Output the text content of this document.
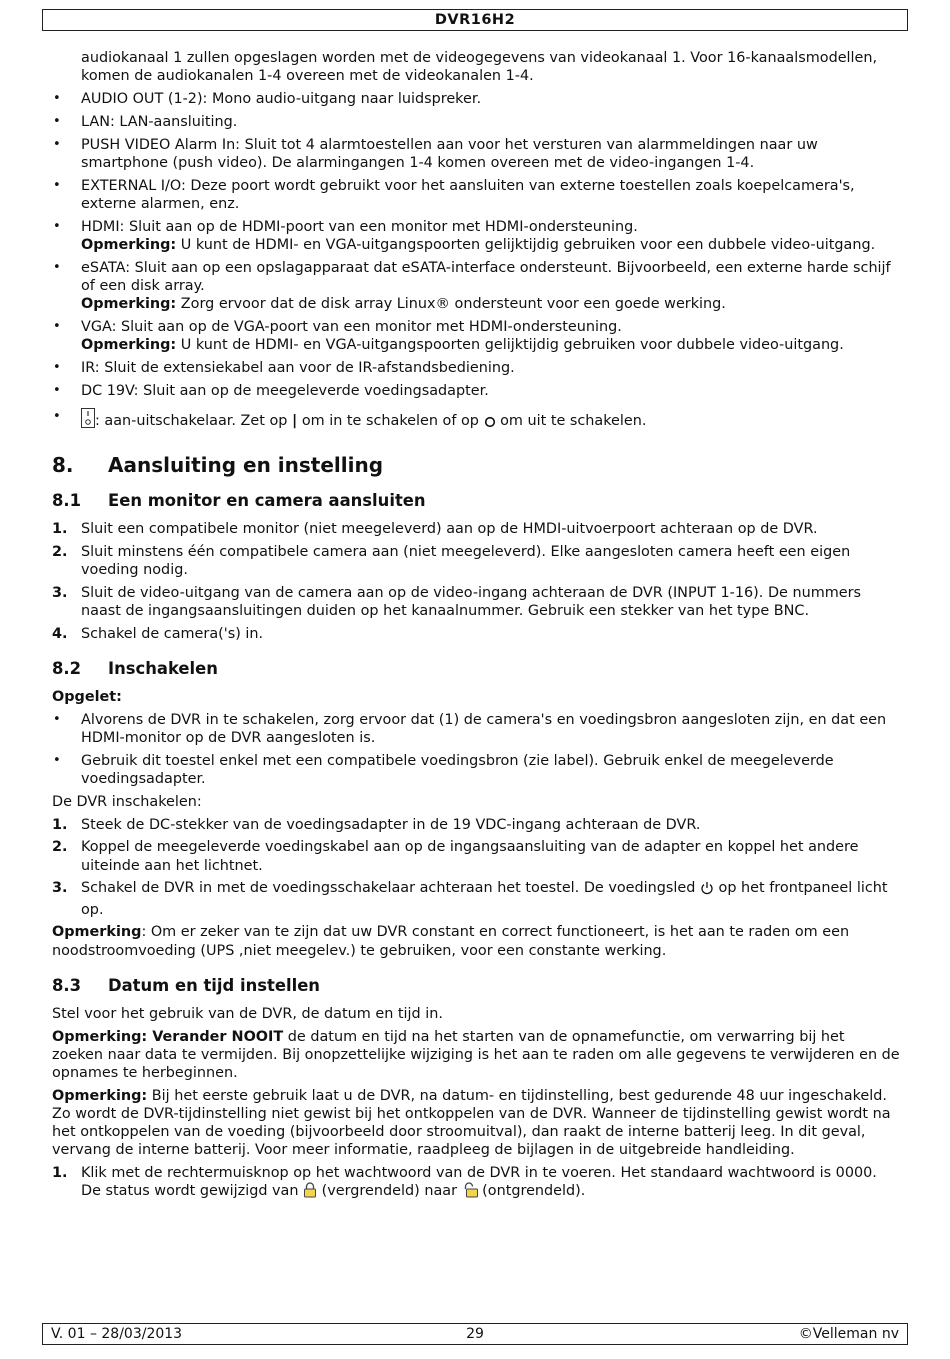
DVR16H2
audiokanaal 1 zullen opgeslagen worden met de videogegevens van videokanaal 1. Voor 16-kanaalsmodellen, komen de audiokanalen 1-4 overeen met de videokanalen 1-4.
• AUDIO OUT (1-2): Mono audio-uitgang naar luidspreker.
• LAN: LAN-aansluiting.
• PUSH VIDEO Alarm In: Sluit tot 4 alarmtoestellen aan voor het versturen van alarmmeldingen naar uw smartphone (push video). De alarmingangen 1-4 komen overeen met de video-ingangen 1-4.
• EXTERNAL I/O: Deze poort wordt gebruikt voor het aansluiten van externe toestellen zoals koepelcamera's, externe alarmen, enz.
• HDMI: Sluit aan op de HDMI-poort van een monitor met HDMI-ondersteuning.
Opmerking: U kunt de HDMI- en VGA-uitgangspoorten gelijktijdig gebruiken voor een dubbele video-uitgang.
• eSATA: Sluit aan op een opslagapparaat dat eSATA-interface ondersteunt. Bijvoorbeeld, een externe harde schijf of een disk array.
Opmerking: Zorg ervoor dat de disk array Linux® ondersteunt voor een goede werking.
• VGA: Sluit aan op de VGA-poort van een monitor met HDMI-ondersteuning.
Opmerking: U kunt de HDMI- en VGA-uitgangspoorten gelijktijdig gebruiken voor dubbele video-uitgang.
• IR: Sluit de extensiekabel aan voor de IR-afstandsbediening.
• DC 19V: Sluit aan op de meegeleverde voedingsadapter.
• : aan-uitschakelaar. Zet op | om in te schakelen of op  om uit te schakelen.
8. Aansluiting en instelling
8.1 Een monitor en camera aansluiten
1. Sluit een compatibele monitor (niet meegeleverd) aan op de HMDI-uitvoerpoort achteraan op de DVR.
2. Sluit minstens één compatibele camera aan (niet meegeleverd). Elke aangesloten camera heeft een eigen voeding nodig.
3. Sluit de video-uitgang van de camera aan op de video-ingang achteraan de DVR (INPUT 1-16). De nummers naast de ingangsaansluitingen duiden op het kanaalnummer. Gebruik een stekker van het type BNC.
4. Schakel de camera('s) in.
8.2 Inschakelen

Opgelet:

• Alvorens de DVR in te schakelen, zorg ervoor dat (1) de camera's en voedingsbron aangesloten zijn, en dat een HDMI-monitor op de DVR aangesloten is.
• Gebruik dit toestel enkel met een compatibele voedingsbron (zie label). Gebruik enkel de meegeleverde voedingsadapter.

De DVR inschakelen:

1. Steek de DC-stekker van de voedingsadapter in de 19 VDC-ingang achteraan de DVR.
2. Koppel de meegeleverde voedingskabel aan op de ingangsaansluiting van de adapter en koppel het andere uiteinde aan het lichtnet.
3. Schakel de DVR in met de voedingsschakelaar achteraan het toestel. De voedingsled  op het frontpaneel licht op.

Opmerking: Om er zeker van te zijn dat uw DVR constant en correct functioneert, is het aan te raden om een noodstroomvoeding (UPS ,niet meegelev.) te gebruiken, voor een constante werking.

8.3 Datum en tijd instellen

Stel voor het gebruik van de DVR, de datum en tijd in.

Opmerking: Verander NOOIT de datum en tijd na het starten van de opnamefunctie, om verwarring bij het zoeken naar data te vermijden. Bij onopzettelijke wijziging is het aan te raden om alle gegevens te verwijderen en de opnames te herbeginnen.

Opmerking: Bij het eerste gebruik laat u de DVR, na datum- en tijdinstelling, best gedurende 48 uur ingeschakeld. Zo wordt de DVR-tijdinstelling niet gewist bij het ontkoppelen van de DVR. Wanneer de tijdinstelling gewist wordt na het ontkoppelen van de voeding (bijvoorbeeld door stroomuitval), dan raakt de interne batterij leeg. In dit geval, vervang de interne batterij. Voor meer informatie, raadpleeg de bijlagen in de uitgebreide handleiding.

1. Klik met de rechtermuisknop op het wachtwoord van de DVR in te voeren. Het standaard wachtwoord is 0000.
De status wordt gewijzigd van  (vergrendeld) naar  (ontgrendeld).
V. 01 – 28/03/2013	29	©Velleman nv
